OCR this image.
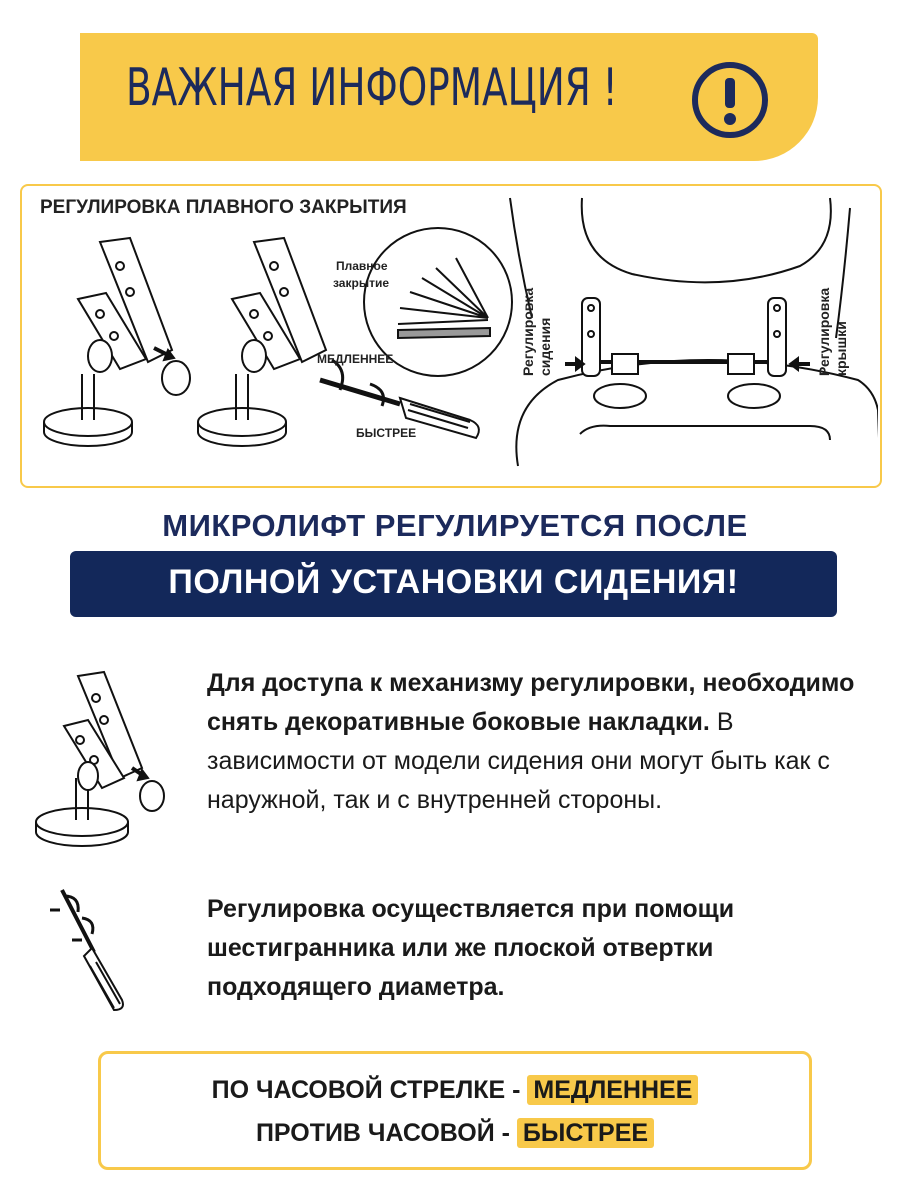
ВАЖНАЯ ИНФОРМАЦИЯ !
РЕГУЛИРОВКА ПЛАВНОГО ЗАКРЫТИЯ
Плавное
закрытие
МЕДЛЕННЕЕ
БЫСТРЕЕ
Регулировка сидения	Регулировка крышки
МИКРОЛИФТ РЕГУЛИРУЕТСЯ ПОСЛЕ
ПОЛНОЙ УСТАНОВКИ СИДЕНИЯ!
Для доступа к механизму регулировки, необходимо снять декоративные боковые накладки. В зависимости от модели сидения они могут быть как с наружной, так и с внутренней стороны.
Регулировка осуществляется при помощи шестигранника или же плоской отвертки подходящего диаметра.
ПО ЧАСОВОЙ СТРЕЛКЕ - МЕДЛЕННЕЕ
ПРОТИВ ЧАСОВОЙ - БЫСТРЕЕ
